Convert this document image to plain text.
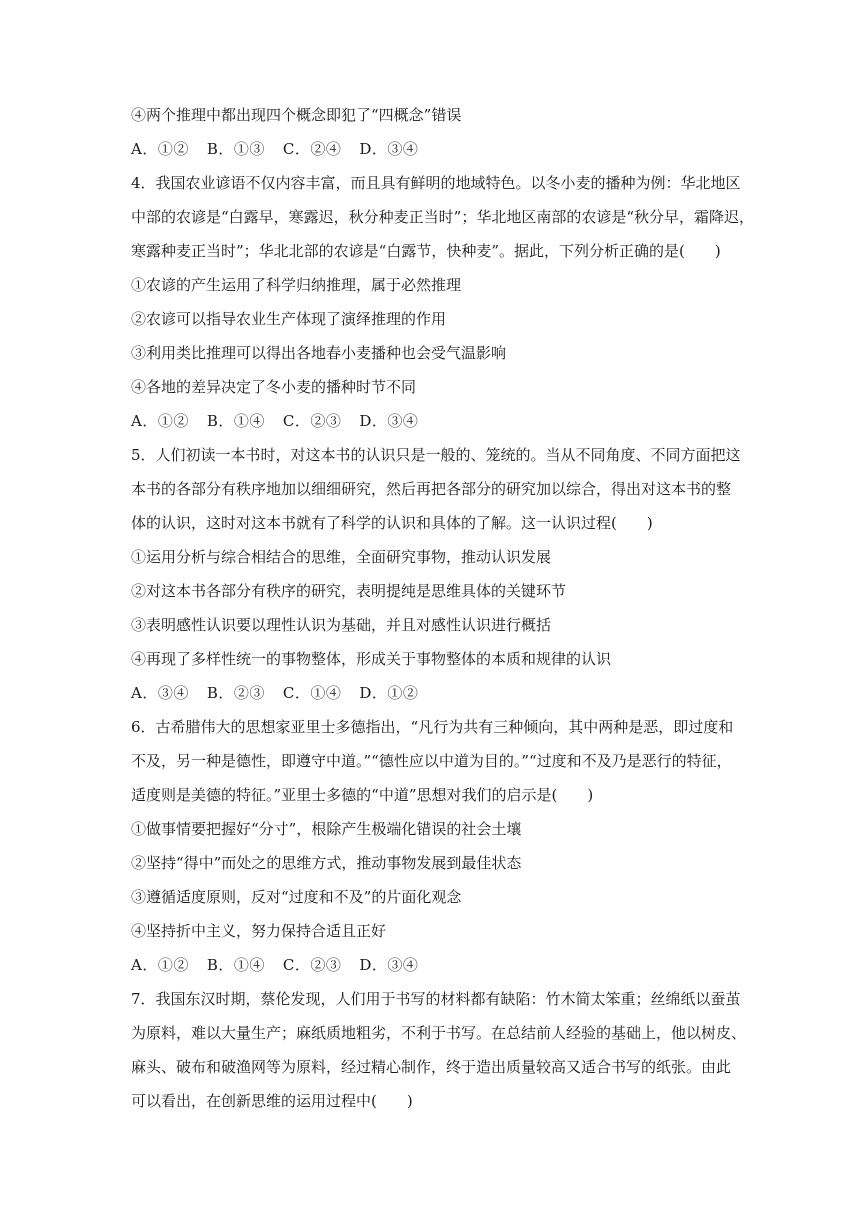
④两个推理中都出现四个概念即犯了“四概念”错误
A．①② B．①③ C．②④ D．③④
4．我国农业谚语不仅内容丰富，而且具有鲜明的地域特色。以冬小麦的播种为例：华北地区
中部的农谚是“白露早，寒露迟，秋分种麦正当时”；华北地区南部的农谚是“秋分早，霜降迟，
寒露种麦正当时”；华北北部的农谚是“白露节，快种麦”。据此，下列分析正确的是(　　)
①农谚的产生运用了科学归纳推理，属于必然推理
②农谚可以指导农业生产体现了演绎推理的作用
③利用类比推理可以得出各地春小麦播种也会受气温影响
④各地的差异决定了冬小麦的播种时节不同
A．①② B．①④ C．②③ D．③④
5．人们初读一本书时，对这本书的认识只是一般的、笼统的。当从不同角度、不同方面把这
本书的各部分有秩序地加以细细研究，然后再把各部分的研究加以综合，得出对这本书的整
体的认识，这时对这本书就有了科学的认识和具体的了解。这一认识过程(　　)
①运用分析与综合相结合的思维，全面研究事物，推动认识发展
②对这本书各部分有秩序的研究，表明提纯是思维具体的关键环节
③表明感性认识要以理性认识为基础，并且对感性认识进行概括
④再现了多样性统一的事物整体，形成关于事物整体的本质和规律的认识
A．③④ B．②③ C．①④ D．①②
6．古希腊伟大的思想家亚里士多德指出，“凡行为共有三种倾向，其中两种是恶，即过度和
不及，另一种是德性，即遵守中道。”“德性应以中道为目的。”“过度和不及乃是恶行的特征，
适度则是美德的特征。”亚里士多德的“中道”思想对我们的启示是(　　)
①做事情要把握好“分寸”，根除产生极端化错误的社会土壤
②坚持“得中”而处之的思维方式，推动事物发展到最佳状态
③遵循适度原则，反对“过度和不及”的片面化观念
④坚持折中主义，努力保持合适且正好
A．①② B．①④ C．②③ D．③④
7．我国东汉时期，蔡伦发现，人们用于书写的材料都有缺陷：竹木简太笨重；丝绵纸以蚕茧
为原料，难以大量生产；麻纸质地粗劣，不利于书写。在总结前人经验的基础上，他以树皮、
麻头、破布和破渔网等为原料，经过精心制作，终于造出质量较高又适合书写的纸张。由此
可以看出，在创新思维的运用过程中(　　)
